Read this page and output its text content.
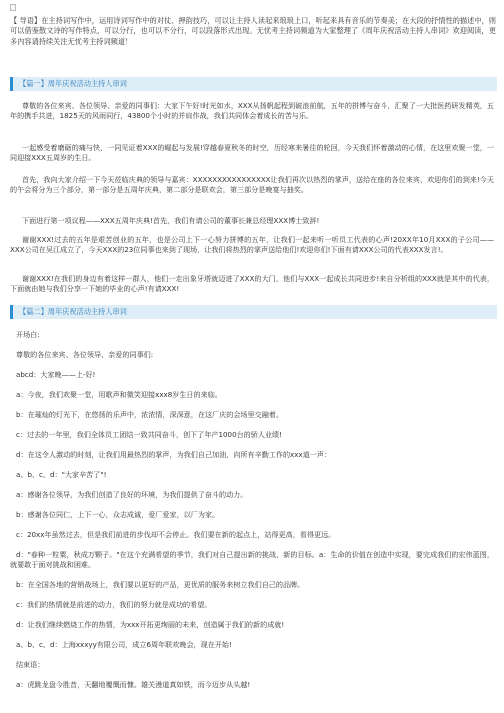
【 导语】在主持词写作中，运用诗词写作中的对仗、押韵技巧，可以让主持人读起来琅琅上口，听起来具有音乐的节奏美；在大段的抒情性的描述中，则可以借鉴散文诗的写作特点，可以分行，也可以不分行，可以段落形式出现。无忧考主持词频道为大家整理了《周年庆祝活动主持人串词》欢迎阅读，更多内容请持续关注无忧考主持词频道！
【篇一】周年庆祝活动主持人串词

尊敬的各位来宾、各位领导、亲爱的同事们：大家下午好!时光如水，XXX从扬帆起程到破浪前航，五年的拼博与奋斗，汇聚了一大批医药研发精英，五年的携手共进，1825天的风雨同行，43800个小时的并肩作战，我们共同体会着成长的苦与乐。

一起感受着磨砺的痛与快，一同见证着XXX的崛起与发展!穿越春夏秋冬的时空，历经寒来暑往的轮回，今天我们怀着激动的心情，在这里欢聚一堂，一同迎接XXX五周岁的生日。

首先，我向大家介绍一下今天莅临庆典的领导与嘉宾：XXXXXXXXXXXXXXXX让我们再次以热烈的掌声，送给在座的各位来宾，欢迎你们的到来!今天的午会将分为三个部分，第一部分是五周年庆典，第二部分是联欢会，第三部分是晚宴与抽奖。

下面进行第一项议程——XXX五周年庆典!首先，我们有请公司的董事长兼总经理XXX博士致辞!

谢谢XXX!过去的五年是艰苦创业的五年，也是公司上下一心努力拼博的五年，让我们一起来听一听员工代表的心声!20XX年10月XXX的子公司——XXX公司在吴江成立了，今天XXX的23位同事也来到了现场，让我们将热烈的掌声送给他们!欢迎你们!下面有请XXX公司的代表XXX发言!。

谢谢XXX!在我们的身边有着这样一群人，他们一走出象牙塔就迈进了XXX的大门，他们与XXX一起成长共同进步!来自分析组的XXX就是其中的代表，下面就由她与我们分享一下她的毕业的心声!有请XXX!

【篇二】周年庆祝活动主持人串词
开场白:
尊敬的各位来宾、各位领导、亲爱的同事们:
abcd：大家晚——上-好!
a：今夜，我们欢聚一堂，用歌声和微笑迎接xxx8岁生日的来临。
b：在璀灿的灯光下，在悠扬的乐声中，浓浓情，深深意，在这厂庆的会场里交融着。
c：过去的一年里，我们全体员工团结一致共同奋斗，创下了年产1000台的骄人业绩!
d：在这令人激动的时刻，让我们用最热烈的掌声，为我们自己加油，向所有辛勤工作的xxx道一声：
a、b、c、d："大家辛苦了"!
a：感谢各位领导，为我们创造了良好的环境，为我们提供了奋斗的动力。
b：感谢各位同仁，上下一心，众志成诚，爱厂爱家，以厂为家。
c：20xx年虽然过去，但是我们前进的步伐却不会停止。我们要在新的起点上，站得更高，看得更远。
d："春种一粒粟，秋成万颗子。"在这个充满希望的季节，我们对自己提出新的挑战、新的目标。a：生命的价值在创造中实现，要完成我们的宏伟蓝图，就要敢于面对挑战和困难。
b：在全国各地的营销战场上，我们要以更好的产品，更优质的服务来树立我们自己的品牌。
c：我们的热情就是前进的动力，我们的努力就是成功的希望。
d：让我们继续燃烧工作的热情，为xxx开拓更绚丽的未来，创造属于我们的新的成就!
a、b、c、d：上海xxxyy有限公司，成立6周年联欢晚会，现在开始!
结束语：
a：虎跳龙盘今胜昔，天翻地覆慨而慷。雄关漫道真如铁，而今迈步从头越!
